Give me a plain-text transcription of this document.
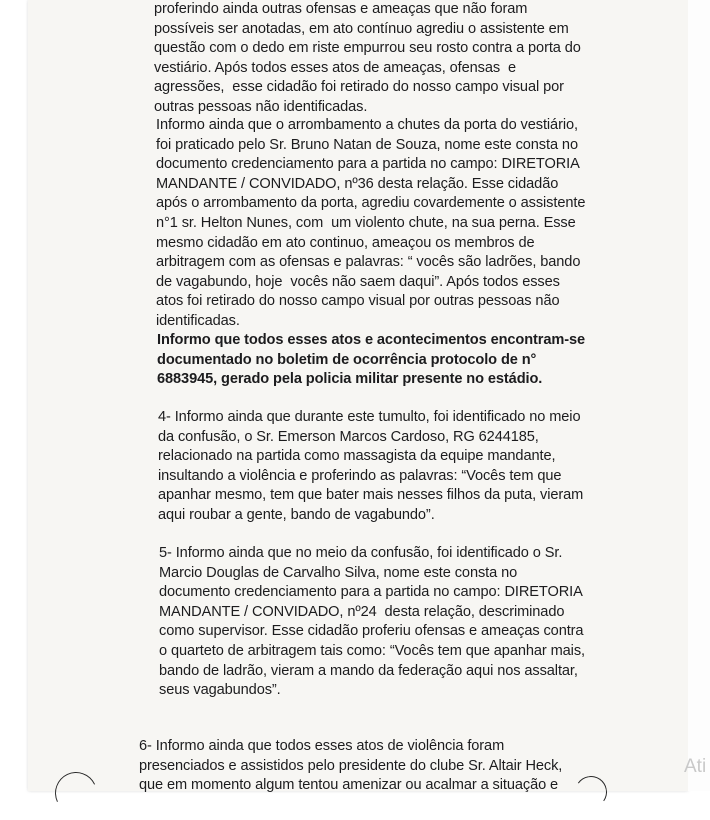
proferindo ainda outras ofensas e ameaças que não foram
possíveis ser anotadas, em ato contínuo agrediu o assistente em
questão com o dedo em riste empurrou seu rosto contra a porta do
vestiário. Após todos esses atos de ameaças, ofensas  e
agressões,  esse cidadão foi retirado do nosso campo visual por
outras pessoas não identificadas.
Informo ainda que o arrombamento a chutes da porta do vestiário,
foi praticado pelo Sr. Bruno Natan de Souza, nome este consta no
documento credenciamento para a partida no campo: DIRETORIA
MANDANTE / CONVIDADO, nº36 desta relação. Esse cidadão
após o arrombamento da porta, agrediu covardemente o assistente
n°1 sr. Helton Nunes, com  um violento chute, na sua perna. Esse
mesmo cidadão em ato continuo, ameaçou os membros de
arbitragem com as ofensas e palavras: “ vocês são ladrões, bando
de vagabundo, hoje  vocês não saem daqui”. Após todos esses
atos foi retirado do nosso campo visual por outras pessoas não
identificadas.
Informo que todos esses atos e acontecimentos encontram-se
documentado no boletim de ocorrência protocolo de n°
6883945, gerado pela policia militar presente no estádio.
4- Informo ainda que durante este tumulto, foi identificado no meio
da confusão, o Sr. Emerson Marcos Cardoso, RG 6244185,
relacionado na partida como massagista da equipe mandante,
insultando a violência e proferindo as palavras: “Vocês tem que
apanhar mesmo, tem que bater mais nesses filhos da puta, vieram
aqui roubar a gente, bando de vagabundo”.
5- Informo ainda que no meio da confusão, foi identificado o Sr.
Marcio Douglas de Carvalho Silva, nome este consta no
documento credenciamento para a partida no campo: DIRETORIA
MANDANTE / CONVIDADO, nº24  desta relação, descriminado
como supervisor. Esse cidadão proferiu ofensas e ameaças contra
o quarteto de arbitragem tais como: “Vocês tem que apanhar mais,
bando de ladrão, vieram a mando da federação aqui nos assaltar,
seus vagabundos”.
6- Informo ainda que todos esses atos de violência foram
presenciados e assistidos pelo presidente do clube Sr. Altair Heck,
que em momento algum tentou amenizar ou acalmar a situação e
Ati
